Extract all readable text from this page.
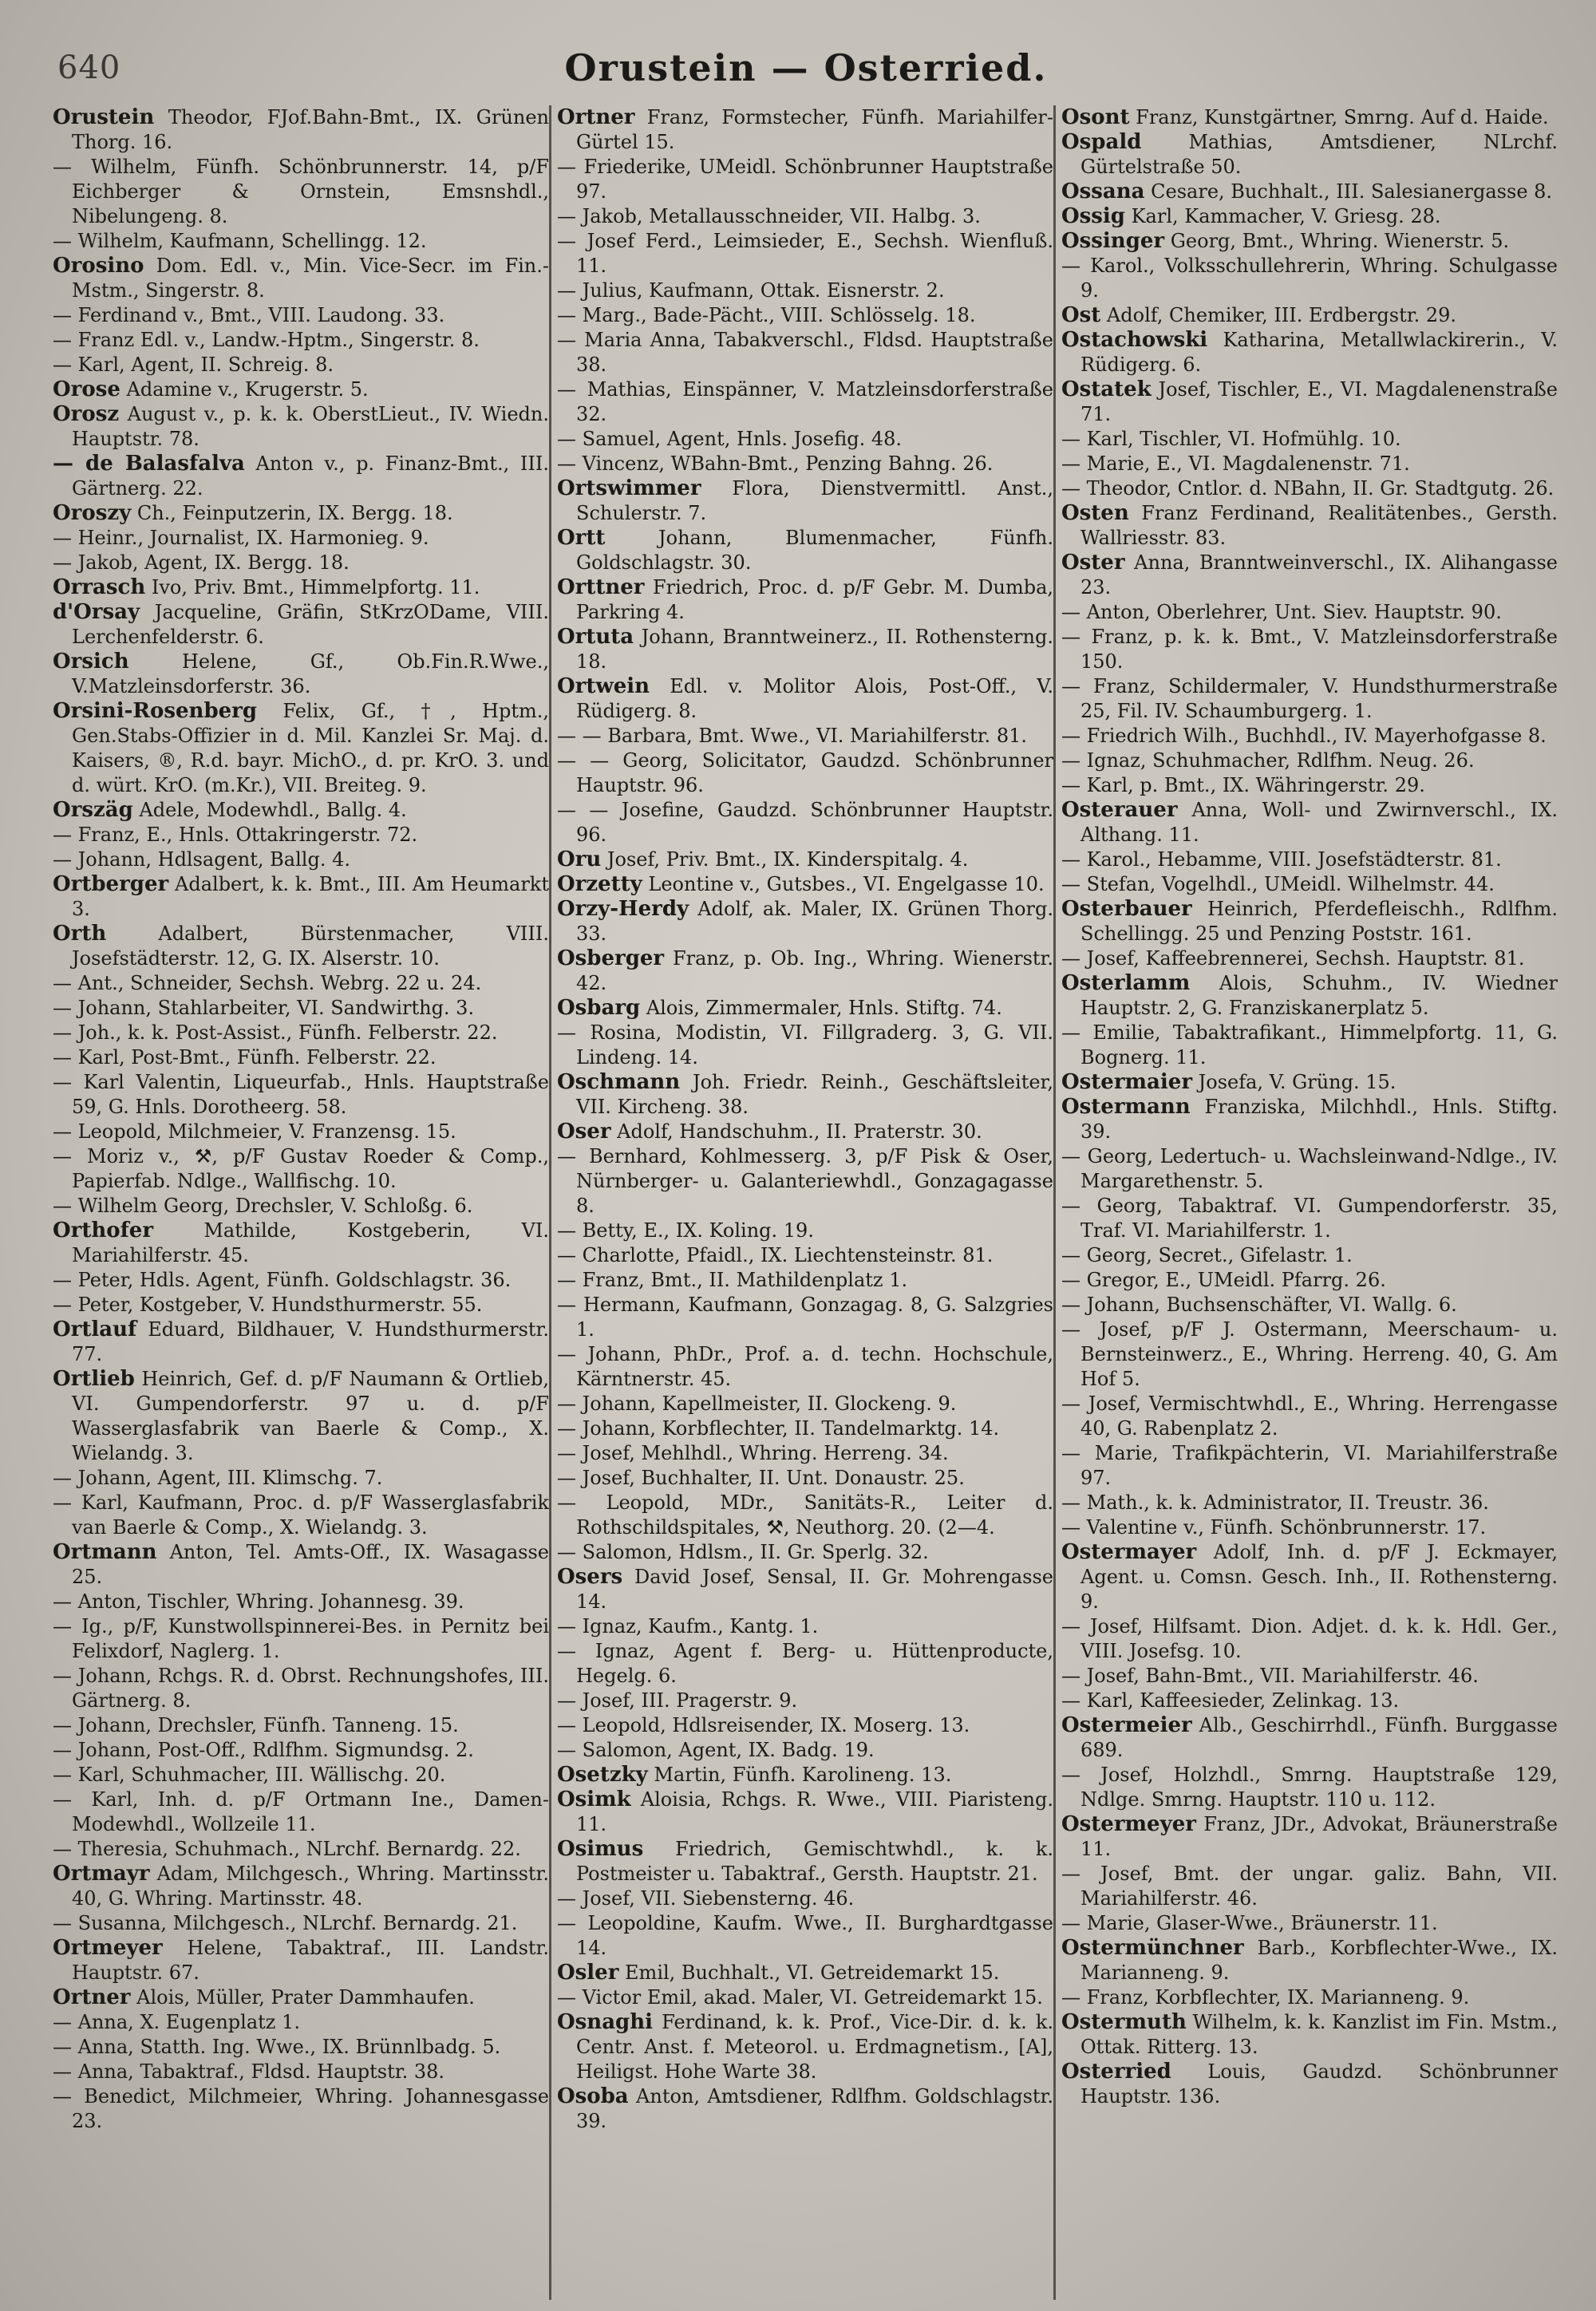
640	Orustein — Osterried.

Orustein Theodor, FJof.Bahn-Bmt., IX. Grünen Thorg. 16.

— Wilhelm, Fünfh. Schönbrunnerstr. 14, p/F Eichberger & Ornstein, Emsnshdl., Nibelungeng. 8.

— Wilhelm, Kaufmann, Schellingg. 12.

Orosino Dom. Edl. v., Min. Vice-Secr. im Fin.-Mstm., Singerstr. 8.

— Ferdinand v., Bmt., VIII. Laudong. 33.

— Franz Edl. v., Landw.-Hptm., Singerstr. 8.

— Karl, Agent, II. Schreig. 8.

Orose Adamine v., Krugerstr. 5.

Orosz August v., p. k. k. OberstLieut., IV. Wiedn. Hauptstr. 78.

— de Balasfalva Anton v., p. Finanz-Bmt., III. Gärtnerg. 22.

Oroszy Ch., Feinputzerin, IX. Bergg. 18.

— Heinr., Journalist, IX. Harmonieg. 9.

— Jakob, Agent, IX. Bergg. 18.

Orrasch Ivo, Priv. Bmt., Himmelpfortg. 11.

d'Orsay Jacqueline, Gräfin, StKrzODame, VIII. Lerchenfelderstr. 6.

Orsich Helene, Gf., Ob.Fin.R.Wwe., V.Matzleinsdorferstr. 36.

Orsini-Rosenberg Felix, Gf., †, Hptm., Gen.Stabs-Offizier in d. Mil. Kanzlei Sr. Maj. d. Kaisers, ®, R.d. bayr. MichO., d. pr. KrO. 3. und d. würt. KrO. (m.Kr.), VII. Breiteg. 9.

Orszäg Adele, Modewhdl., Ballg. 4.

— Franz, E., Hnls. Ottakringerstr. 72.

— Johann, Hdlsagent, Ballg. 4.

Ortberger Adalbert, k. k. Bmt., III. Am Heumarkt 3.

Orth Adalbert, Bürstenmacher, VIII. Josefstädterstr. 12, G. IX. Alserstr. 10.

— Ant., Schneider, Sechsh. Webrg. 22 u. 24.

— Johann, Stahlarbeiter, VI. Sandwirthg. 3.

— Joh., k. k. Post-Assist., Fünfh. Felberstr. 22.

— Karl, Post-Bmt., Fünfh. Felberstr. 22.

— Karl Valentin, Liqueurfab., Hnls. Hauptstraße 59, G. Hnls. Dorotheerg. 58.

— Leopold, Milchmeier, V. Franzensg. 15.

— Moriz v., ⚒, p/F Gustav Roeder & Comp., Papierfab. Ndlge., Wallfischg. 10.

— Wilhelm Georg, Drechsler, V. Schloßg. 6.

Orthofer Mathilde, Kostgeberin, VI. Mariahilferstr. 45.

— Peter, Hdls. Agent, Fünfh. Goldschlagstr. 36.

— Peter, Kostgeber, V. Hundsthurmerstr. 55.

Ortlauf Eduard, Bildhauer, V. Hundsthurmerstr. 77.

Ortlieb Heinrich, Gef. d. p/F Naumann & Ortlieb, VI. Gumpendorferstr. 97 u. d. p/F Wasserglasfabrik van Baerle & Comp., X. Wielandg. 3.

— Johann, Agent, III. Klimschg. 7.

— Karl, Kaufmann, Proc. d. p/F Wasserglasfabrik van Baerle & Comp., X. Wielandg. 3.

Ortmann Anton, Tel. Amts-Off., IX. Wasagasse 25.

— Anton, Tischler, Whring. Johannesg. 39.

— Ig., p/F, Kunstwollspinnerei-Bes. in Pernitz bei Felixdorf, Naglerg. 1.

— Johann, Rchgs. R. d. Obrst. Rechnungshofes, III. Gärtnerg. 8.

— Johann, Drechsler, Fünfh. Tanneng. 15.

— Johann, Post-Off., Rdlfhm. Sigmundsg. 2.

— Karl, Schuhmacher, III. Wällischg. 20.

— Karl, Inh. d. p/F Ortmann Ine., Damen-Modewhdl., Wollzeile 11.

— Theresia, Schuhmach., NLrchf. Bernardg. 22.

Ortmayr Adam, Milchgesch., Whring. Martinsstr. 40, G. Whring. Martinsstr. 48.

— Susanna, Milchgesch., NLrchf. Bernardg. 21.

Ortmeyer Helene, Tabaktraf., III. Landstr. Hauptstr. 67.

Ortner Alois, Müller, Prater Dammhaufen.

— Anna, X. Eugenplatz 1.

— Anna, Statth. Ing. Wwe., IX. Brünnlbadg. 5.

— Anna, Tabaktraf., Fldsd. Hauptstr. 38.

— Benedict, Milchmeier, Whring. Johannesgasse 23.

Ortner Franz, Formstecher, Fünfh. Mariahilfer-Gürtel 15.

— Friederike, UMeidl. Schönbrunner Hauptstraße 97.

— Jakob, Metallausschneider, VII. Halbg. 3.

— Josef Ferd., Leimsieder, E., Sechsh. Wienfluß. 11.

— Julius, Kaufmann, Ottak. Eisnerstr. 2.

— Marg., Bade-Pächt., VIII. Schlösselg. 18.

— Maria Anna, Tabakverschl., Fldsd. Hauptstraße 38.

— Mathias, Einspänner, V. Matzleinsdorferstraße 32.

— Samuel, Agent, Hnls. Josefig. 48.

— Vincenz, WBahn-Bmt., Penzing Bahng. 26.

Ortswimmer Flora, Dienstvermittl. Anst., Schulerstr. 7.

Ortt Johann, Blumenmacher, Fünfh. Goldschlagstr. 30.

Orttner Friedrich, Proc. d. p/F Gebr. M. Dumba, Parkring 4.

Ortuta Johann, Branntweinerz., II. Rothensterng. 18.

Ortwein Edl. v. Molitor Alois, Post-Off., V. Rüdigerg. 8.

— — Barbara, Bmt. Wwe., VI. Mariahilferstr. 81.

— — Georg, Solicitator, Gaudzd. Schönbrunner Hauptstr. 96.

— — Josefine, Gaudzd. Schönbrunner Hauptstr. 96.

Oru Josef, Priv. Bmt., IX. Kinderspitalg. 4.

Orzetty Leontine v., Gutsbes., VI. Engelgasse 10.

Orzy-Herdy Adolf, ak. Maler, IX. Grünen Thorg. 33.

Osberger Franz, p. Ob. Ing., Whring. Wienerstr. 42.

Osbarg Alois, Zimmermaler, Hnls. Stiftg. 74.

— Rosina, Modistin, VI. Fillgraderg. 3, G. VII. Lindeng. 14.

Oschmann Joh. Friedr. Reinh., Geschäftsleiter, VII. Kircheng. 38.

Oser Adolf, Handschuhm., II. Praterstr. 30.

— Bernhard, Kohlmesserg. 3, p/F Pisk & Oser, Nürnberger- u. Galanteriewhdl., Gonzagagasse 8.

— Betty, E., IX. Koling. 19.

— Charlotte, Pfaidl., IX. Liechtensteinstr. 81.

— Franz, Bmt., II. Mathildenplatz 1.

— Hermann, Kaufmann, Gonzagag. 8, G. Salzgries 1.

— Johann, PhDr., Prof. a. d. techn. Hochschule, Kärntnerstr. 45.

— Johann, Kapellmeister, II. Glockeng. 9.

— Johann, Korbflechter, II. Tandelmarktg. 14.

— Josef, Mehlhdl., Whring. Herreng. 34.

— Josef, Buchhalter, II. Unt. Donaustr. 25.

— Leopold, MDr., Sanitäts-R., Leiter d. Rothschildspitales, ⚒, Neuthorg. 20. (2—4.

— Salomon, Hdlsm., II. Gr. Sperlg. 32.

Osers David Josef, Sensal, II. Gr. Mohrengasse 14.

— Ignaz, Kaufm., Kantg. 1.

— Ignaz, Agent f. Berg- u. Hüttenproducte, Hegelg. 6.

— Josef, III. Pragerstr. 9.

— Leopold, Hdlsreisender, IX. Moserg. 13.

— Salomon, Agent, IX. Badg. 19.

Osetzky Martin, Fünfh. Karolineng. 13.

Osimk Aloisia, Rchgs. R. Wwe., VIII. Piaristeng. 11.

Osimus Friedrich, Gemischtwhdl., k. k. Postmeister u. Tabaktraf., Gersth. Hauptstr. 21.

— Josef, VII. Siebensterng. 46.

— Leopoldine, Kaufm. Wwe., II. Burghardtgasse 14.

Osler Emil, Buchhalt., VI. Getreidemarkt 15.

— Victor Emil, akad. Maler, VI. Getreidemarkt 15.

Osnaghi Ferdinand, k. k. Prof., Vice-Dir. d. k. k. Centr. Anst. f. Meteorol. u. Erdmagnetism., [A], Heiligst. Hohe Warte 38.

Osoba Anton, Amtsdiener, Rdlfhm. Goldschlagstr. 39.

Osont Franz, Kunstgärtner, Smrng. Auf d. Haide.

Ospald Mathias, Amtsdiener, NLrchf. Gürtelstraße 50.

Ossana Cesare, Buchhalt., III. Salesianergasse 8.

Ossig Karl, Kammacher, V. Griesg. 28.

Ossinger Georg, Bmt., Whring. Wienerstr. 5.

— Karol., Volksschullehrerin, Whring. Schulgasse 9.

Ost Adolf, Chemiker, III. Erdbergstr. 29.

Ostachowski Katharina, Metallwlackirerin., V. Rüdigerg. 6.

Ostatek Josef, Tischler, E., VI. Magdalenenstraße 71.

— Karl, Tischler, VI. Hofmühlg. 10.

— Marie, E., VI. Magdalenenstr. 71.

— Theodor, Cntlor. d. NBahn, II. Gr. Stadtgutg. 26.

Osten Franz Ferdinand, Realitätenbes., Gersth. Wallriesstr. 83.

Oster Anna, Branntweinverschl., IX. Alihangasse 23.

— Anton, Oberlehrer, Unt. Siev. Hauptstr. 90.

— Franz, p. k. k. Bmt., V. Matzleinsdorferstraße 150.

— Franz, Schildermaler, V. Hundsthurmerstraße 25, Fil. IV. Schaumburgerg. 1.

— Friedrich Wilh., Buchhdl., IV. Mayerhofgasse 8.

— Ignaz, Schuhmacher, Rdlfhm. Neug. 26.

— Karl, p. Bmt., IX. Währingerstr. 29.

Osterauer Anna, Woll- und Zwirnverschl., IX. Althang. 11.

— Karol., Hebamme, VIII. Josefstädterstr. 81.

— Stefan, Vogelhdl., UMeidl. Wilhelmstr. 44.

Osterbauer Heinrich, Pferdefleischh., Rdlfhm. Schellingg. 25 und Penzing Poststr. 161.

— Josef, Kaffeebrennerei, Sechsh. Hauptstr. 81.

Osterlamm Alois, Schuhm., IV. Wiedner Hauptstr. 2, G. Franziskanerplatz 5.

— Emilie, Tabaktrafikant., Himmelpfortg. 11, G. Bognerg. 11.

Ostermaier Josefa, V. Grüng. 15.

Ostermann Franziska, Milchhdl., Hnls. Stiftg. 39.

— Georg, Ledertuch- u. Wachsleinwand-Ndlge., IV. Margarethenstr. 5.

— Georg, Tabaktraf. VI. Gumpendorferstr. 35, Traf. VI. Mariahilferstr. 1.

— Georg, Secret., Gifelastr. 1.

— Gregor, E., UMeidl. Pfarrg. 26.

— Johann, Buchsenschäfter, VI. Wallg. 6.

— Josef, p/F J. Ostermann, Meerschaum- u. Bernsteinwerz., E., Whring. Herreng. 40, G. Am Hof 5.

— Josef, Vermischtwhdl., E., Whring. Herrengasse 40, G. Rabenplatz 2.

— Marie, Trafikpächterin, VI. Mariahilferstraße 97.

— Math., k. k. Administrator, II. Treustr. 36.

— Valentine v., Fünfh. Schönbrunnerstr. 17.

Ostermayer Adolf, Inh. d. p/F J. Eckmayer, Agent. u. Comsn. Gesch. Inh., II. Rothensterng. 9.

— Josef, Hilfsamt. Dion. Adjet. d. k. k. Hdl. Ger., VIII. Josefsg. 10.

— Josef, Bahn-Bmt., VII. Mariahilferstr. 46.

— Karl, Kaffeesieder, Zelinkag. 13.

Ostermeier Alb., Geschirrhdl., Fünfh. Burggasse 689.

— Josef, Holzhdl., Smrng. Hauptstraße 129, Ndlge. Smrng. Hauptstr. 110 u. 112.

Ostermeyer Franz, JDr., Advokat, Bräunerstraße 11.

— Josef, Bmt. der ungar. galiz. Bahn, VII. Mariahilferstr. 46.

— Marie, Glaser-Wwe., Bräunerstr. 11.

Ostermünchner Barb., Korbflechter-Wwe., IX. Marianneng. 9.

— Franz, Korbflechter, IX. Marianneng. 9.

Ostermuth Wilhelm, k. k. Kanzlist im Fin. Mstm., Ottak. Ritterg. 13.

Osterried Louis, Gaudzd. Schönbrunner Hauptstr. 136.
